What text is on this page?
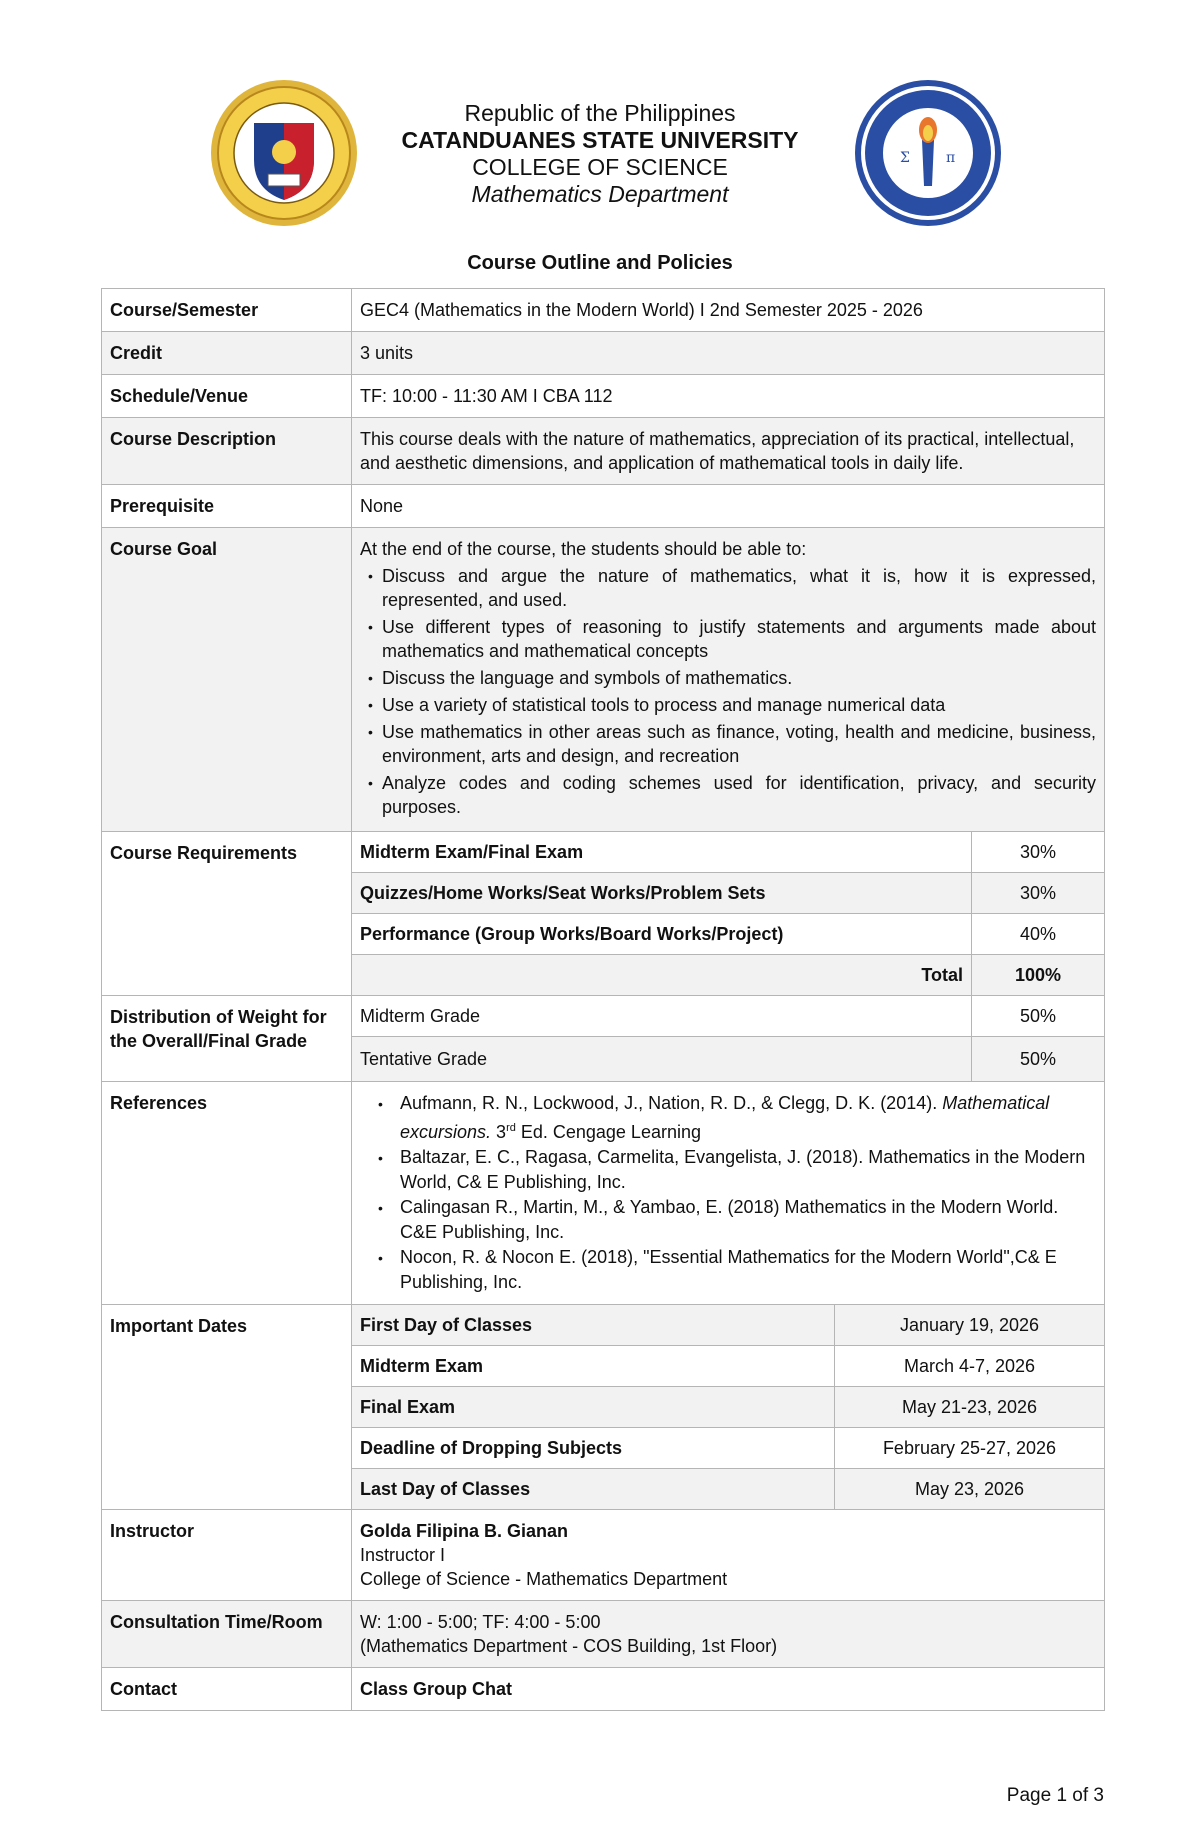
Republic of the Philippines
CATANDUANES STATE UNIVERSITY
COLLEGE OF SCIENCE
Mathematics Department
Σ	π
Course Outline and Policies
Course/Semester	GEC4 (Mathematics in the Modern World) I 2nd Semester 2025 - 2026
Credit	3 units
Schedule/Venue	TF: 10:00 - 11:30 AM I CBA 112
Course Description	This course deals with the nature of mathematics, appreciation of its practical, intellectual, and aesthetic dimensions, and application of mathematical tools in daily life.
Prerequisite	None
Course Goal	At the end of the course, the students should be able to:
• Discuss and argue the nature of mathematics, what it is, how it is expressed, represented, and used.
• Use different types of reasoning to justify statements and arguments made about mathematics and mathematical concepts
• Discuss the language and symbols of mathematics.
• Use a variety of statistical tools to process and manage numerical data
• Use mathematics in other areas such as finance, voting, health and medicine, business, environment, arts and design, and recreation
• Analyze codes and coding schemes used for identification, privacy, and security purposes.

Course Requirements		Midterm Exam/Final Exam	30%
Quizzes/Home Works/Seat Works/Problem Sets	30%
Performance (Group Works/Board Works/Project)	40%
Total	100%

Distribution of Weight for the Overall/Final Grade	
Midterm Grade	50%
Tentative Grade	50%

References	• Aufmann, R. N., Lockwood, J., Nation, R. D., & Clegg, D. K. (2014). Mathematical excursions. 3rd Ed. Cengage Learning
• Baltazar, E. C., Ragasa, Carmelita, Evangelista, J. (2018). Mathematics in the Modern World, C& E Publishing, Inc.
• Calingasan R., Martin, M., & Yambao, E. (2018) Mathematics in the Modern World. C&E Publishing, Inc.
• Nocon, R. & Nocon E. (2018), "Essential Mathematics for the Modern World",C& E Publishing, Inc.

Important Dates		First Day of Classes	January 19, 2026
Midterm Exam	March 4-7, 2026
Final Exam	May 21-23, 2026
Deadline of Dropping Subjects	February 25-27, 2026
Last Day of Classes	May 23, 2026

Instructor	Golda Filipina B. Gianan
Instructor I
College of Science - Mathematics Department

Consultation Time/Room	W: 1:00 - 5:00; TF: 4:00 - 5:00
(Mathematics Department - COS Building, 1st Floor)

Contact	Class Group Chat
Page 1 of 3
